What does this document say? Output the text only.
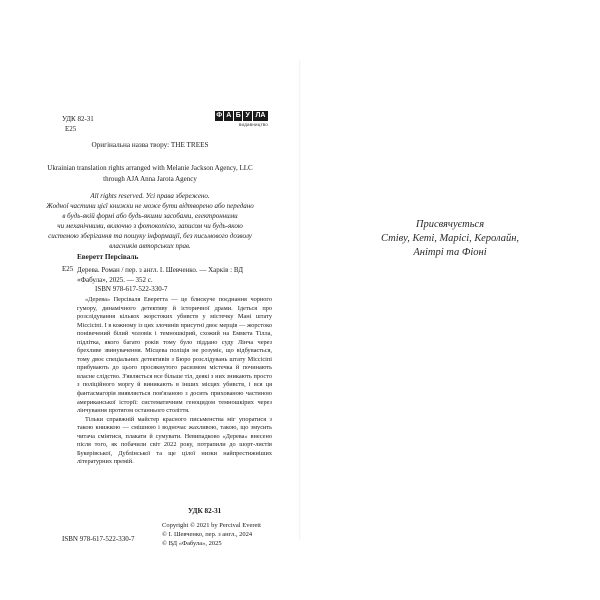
УДК 82-31
E25
Ф А Б У ЛА
видавництво
Оригінальна назва твору: THE TREES
Ukrainian translation rights arranged with Melanie Jackson Agency, LLC
through AJA Anna Jarota Agency
All rights reserved. Усі права збережено.
Жодної частини цієї книжки не може бути відтворено або передано
в будь-якій формі або будь-якими засобами, електронними
чи механічними, включно з фотокопією, записом чи будь-якою
системою зберігання та пошуку інформації, без письмового дозволу
власників авторських прав.
Еверетт Персіваль
E25 Дерева. Роман / пер. з англ. І. Шевченко. — Харків : ВД «Фабула», 2025. — 352 с.
ISBN 978-617-522-330-7

«Дерева» Персіваля Еверетта — це блискуче поєднання чорного гумору, динамічного детективу й історичної драми. Ідеться про розслідування кількох жорстоких убивств у містечку Мані штату Міссісіпі. І в кожному із цих злочинів присутні двоє мерців — жорстоко понівечений білий чоловік і темношкірий, схожий на Еммета Тілла, підлітка, якого багато років тому було піддано суду Лінча через брехливе звинувачення. Місцева поліція не розуміє, що відбувається, тому двоє спеціальних детективів з Бюро розслідувань штату Міссісіпі прибувають до цього просякнутого расизмом містечка й починають власне слідство. З'являється все більше тіл, деякі з них зникають просто з поліційного моргу й виникають в інших місцях убивств, і вся ця фантасмагорія виявляється пов'язаною з досить прихованою частиною американської історії: систематичним геноцидом темношкірих через лінчування протягом останнього століття.

Тільки справжній майстер красного письменства міг упоратися з такою книжкою — смішною і водночас жахливою, такою, що змусить читача сміятися, плакати й сумувати. Невипадково «Дерева» внесено після того, як побачили світ 2022 року, потрапили до шорт-листів Букерівської, Дублінської та ще цілої низки найпрестижніших літературних премій.

УДК 82-31
Copyright © 2021 by Percival Everett
© І. Шевченко, пер. з англ., 2024
© ВД «Фабула», 2025
ISBN 978-617-522-330-7
Присвячується
Стіву, Кеті, Марісі, Керолайн,
Анітрі та Фіоні
